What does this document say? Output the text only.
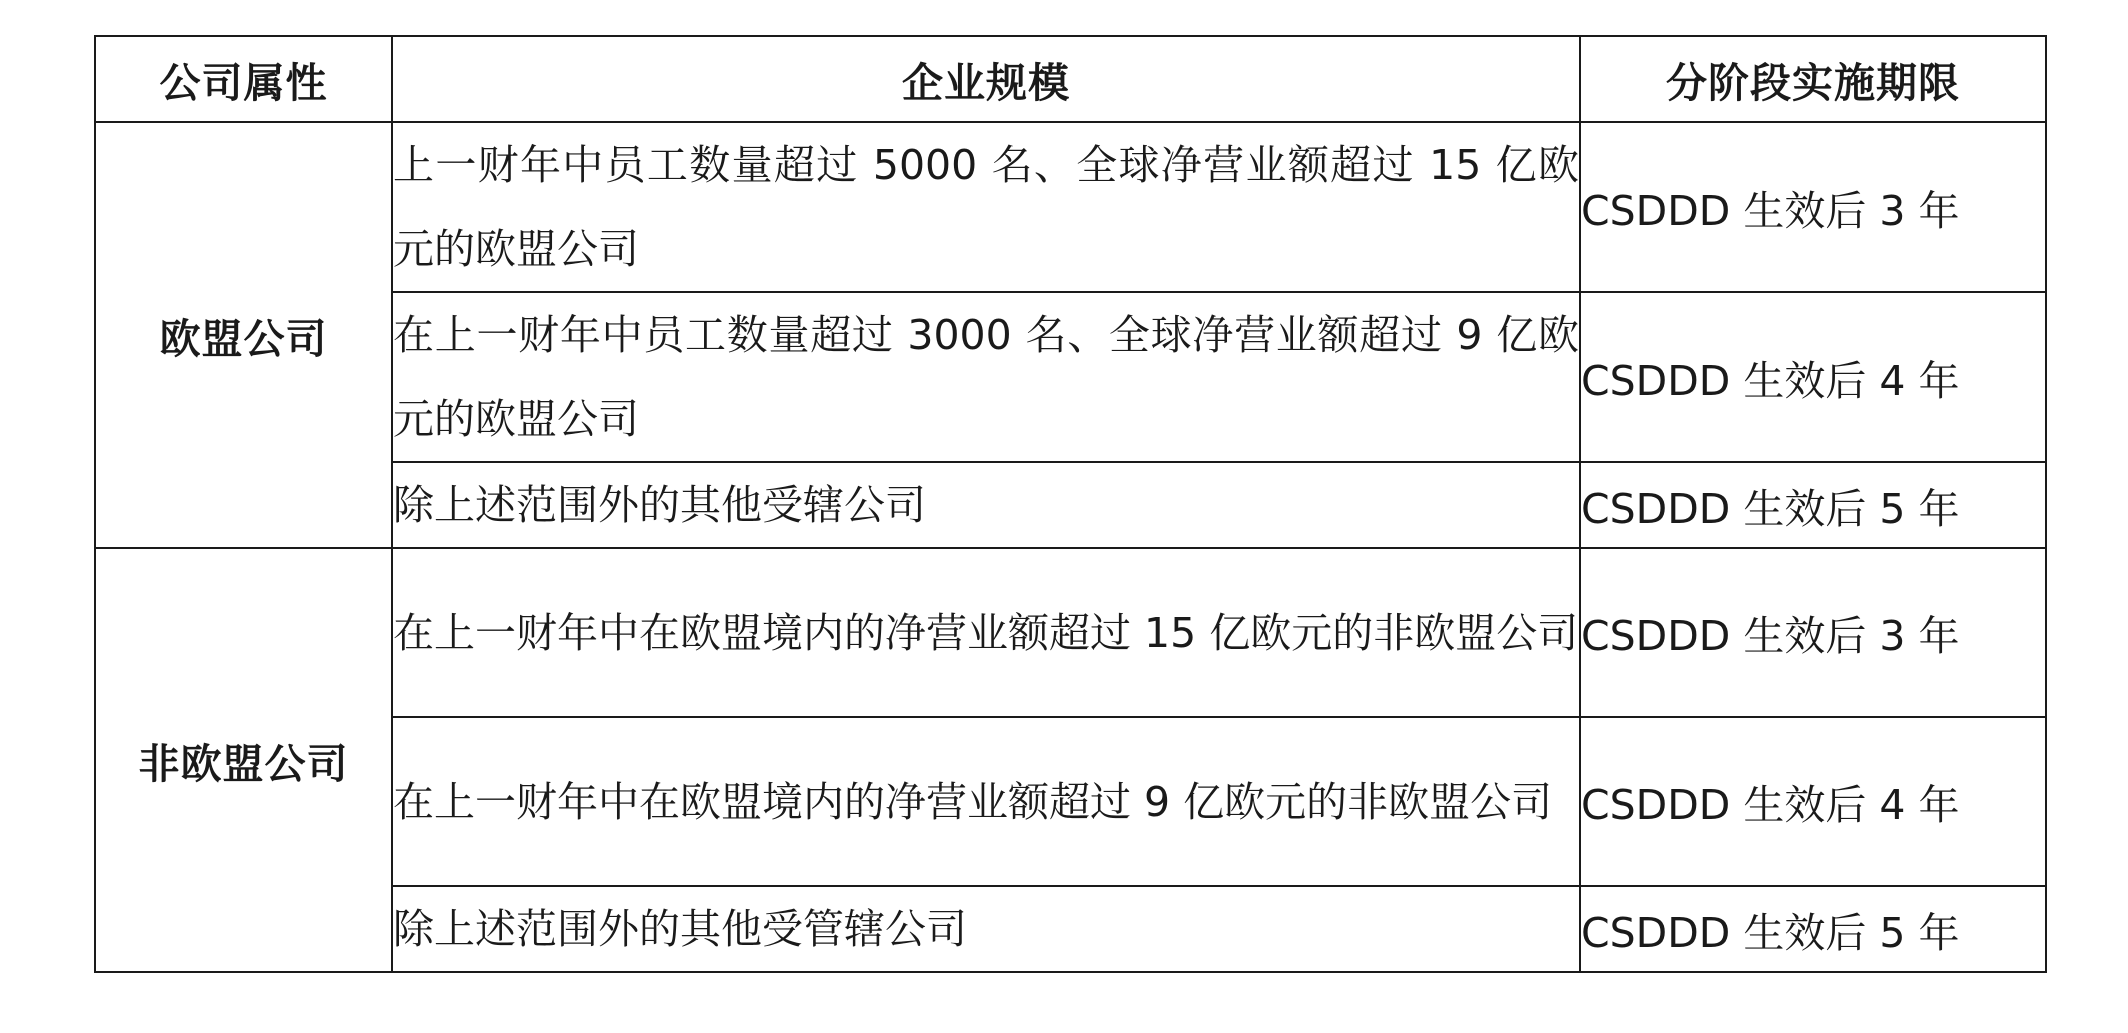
公司属性	企业规模	分阶段实施期限
欧盟公司	上一财年中员工数量超过 5000 名、全球净营业额超过 15 亿欧元的欧盟公司	CSDDD 生效后 3 年
	在上一财年中员工数量超过 3000 名、全球净营业额超过 9 亿欧元的欧盟公司	CSDDD 生效后 4 年
	除上述范围外的其他受辖公司	CSDDD 生效后 5 年
非欧盟公司	在上一财年中在欧盟境内的净营业额超过 15 亿欧元的非欧盟公司	CSDDD 生效后 3 年
	在上一财年中在欧盟境内的净营业额超过 9 亿欧元的非欧盟公司	CSDDD 生效后 4 年
	除上述范围外的其他受管辖公司	CSDDD 生效后 5 年
